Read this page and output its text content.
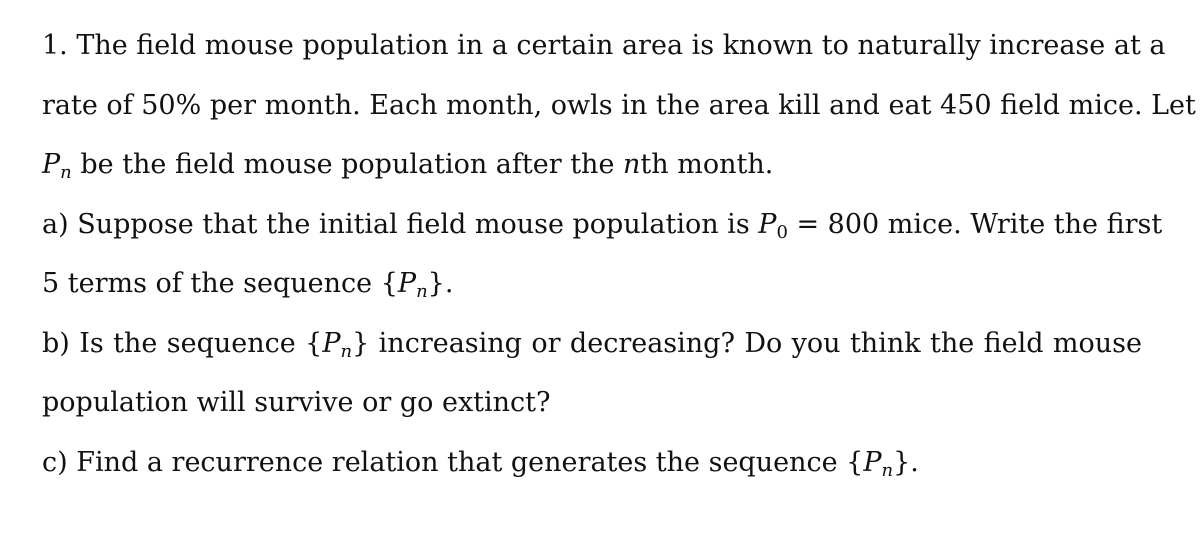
1. The field mouse population in a certain area is known to naturally increase at a
rate of 50% per month. Each month, owls in the area kill and eat 450 field mice. Let
$P_n$ be the field mouse population after the nth month.
a) Suppose that the initial field mouse population is $P_0 = 800$ mice. Write the first
5 terms of the sequence $\{P_n\}$.
b) Is the sequence $\{P_n\}$ increasing or decreasing? Do you think the field mouse
population will survive or go extinct?
c) Find a recurrence relation that generates the sequence $\{P_n\}$.
